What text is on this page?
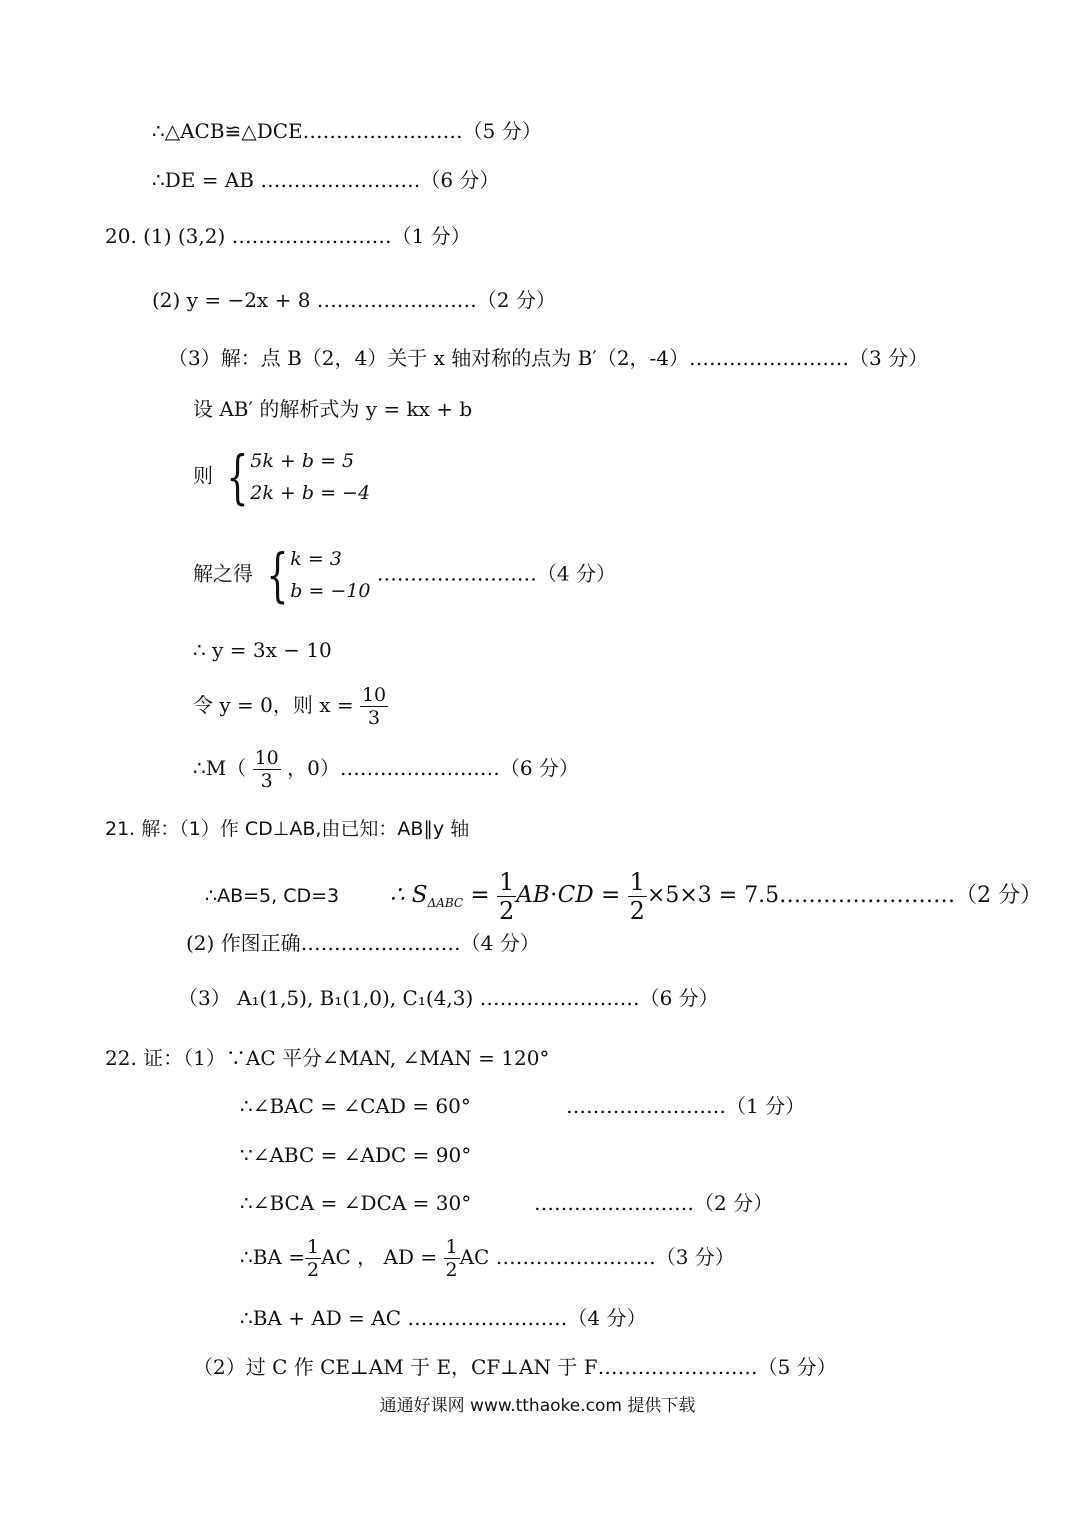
∴△ACB≌△DCE……………………（5 分）
∴DE = AB ……………………（6 分）
20. (1) (3,2) ……………………（1 分）
(2) y = −2x + 8 ……………………（2 分）
（3）解：点 B（2，4）关于 x 轴对称的点为 B′（2，-4）……………………（3 分）
设 AB′ 的解析式为 y = kx + b
则 { 5k + b = 5
2k + b = −4
解之得 { k = 3
b = −10
……………………（4 分）
∴ y = 3x − 10
令 y = 0，则 $x = \frac{10}{3}$
∴M（ $\frac{10}{3}$ ，0）……………………（6 分）
21. 解：（1）作 CD⊥AB,由已知：AB∥y 轴
∴AB=5, CD=3 ∴ $S_{\Delta ABC} = \frac{1}{2} AB\cdot CD = \frac{1}{2} \times 5\times 3$ = 7.5……………………（2 分）
(2) 作图正确……………………（4 分）
（3） A₁(1,5), B₁(1,0), C₁(4,3) ……………………（6 分）
22. 证：（1）∵AC 平分∠MAN, ∠MAN = 120°
∴∠BAC = ∠CAD = 60°	……………………（1 分）
∵∠ABC = ∠ADC = 90°
∴∠BCA = ∠DCA = 30°	……………………（2 分）
∴BA = $\frac{1}{2}$ AC ， AD = $\frac{1}{2}$ AC ……………………（3 分）
∴BA + AD = AC ……………………（4 分）
（2）过 C 作 CE⊥AM 于 E，CF⊥AN 于 F……………………（5 分）
通通好课网 www.tthaoke.com 提供下载
